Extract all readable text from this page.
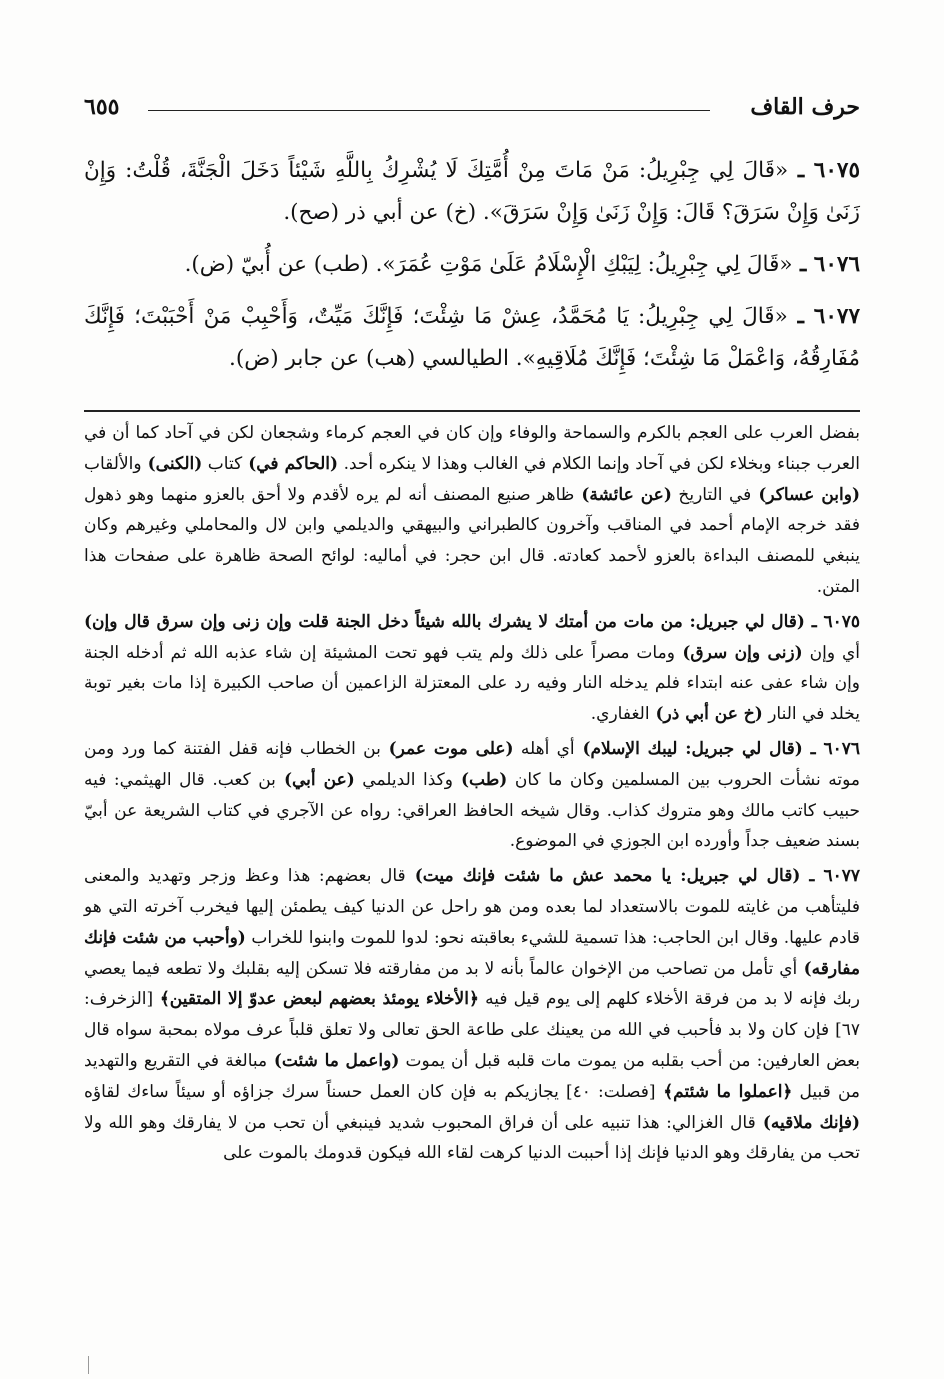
حرف القاف
٦٥٥

٦٠٧٥ ـ «قَالَ لِي جِبْرِيلُ: مَنْ مَاتَ مِنْ أُمَّتِكَ لَا يُشْرِكُ بِاللَّهِ شَيْئاً دَخَلَ الْجَنَّةَ، قُلْتُ: وَإِنْ زَنَىٰ وَإِنْ سَرَقَ؟ قَالَ: وَإِنْ زَنَىٰ وَإِنْ سَرَقَ». (خ) عن أبي ذر (صح).

٦٠٧٦ ـ «قَالَ لِي جِبْرِيلُ: لِيَبْكِ الْإِسْلَامُ عَلَىٰ مَوْتِ عُمَرَ». (طب) عن أُبيّ (ض).

٦٠٧٧ ـ «قَالَ لِي جِبْرِيلُ: يَا مُحَمَّدُ، عِشْ مَا شِئْتَ؛ فَإِنَّكَ مَيِّتٌ، وَأَحْبِبْ مَنْ أَحْبَبْتَ؛ فَإِنَّكَ مُفَارِقُهُ، وَاعْمَلْ مَا شِئْتَ؛ فَإِنَّكَ مُلَاقِيهِ». الطيالسي (هب) عن جابر (ض).

بفضل العرب على العجم بالكرم والسماحة والوفاء وإن كان في العجم كرماء وشجعان لكن في آحاد كما أن في العرب جبناء وبخلاء لكن في آحاد وإنما الكلام في الغالب وهذا لا ينكره أحد. (الحاكم في) كتاب (الكنى) والألقاب (وابن عساكر) في التاريخ (عن عائشة) ظاهر صنيع المصنف أنه لم يره لأقدم ولا أحق بالعزو منهما وهو ذهول فقد خرجه الإمام أحمد في المناقب وآخرون كالطبراني والبيهقي والديلمي وابن لال والمحاملي وغيرهم وكان ينبغي للمصنف البداءة بالعزو لأحمد كعادته. قال ابن حجر: في أماليه: لوائح الصحة ظاهرة على صفحات هذا المتن.

٦٠٧٥ ـ (قال لي جبريل: من مات من أمتك لا يشرك بالله شيئاً دخل الجنة قلت وإن زنى وإن سرق قال وإن) أي وإن (زنى وإن سرق) ومات مصراً على ذلك ولم يتب فهو تحت المشيئة إن شاء عذبه الله ثم أدخله الجنة وإن شاء عفى عنه ابتداء فلم يدخله النار وفيه رد على المعتزلة الزاعمين أن صاحب الكبيرة إذا مات بغير توبة يخلد في النار (خ عن أبي ذر) الغفاري.

٦٠٧٦ ـ (قال لي جبريل: ليبك الإسلام) أي أهله (على موت عمر) بن الخطاب فإنه قفل الفتنة كما ورد ومن موته نشأت الحروب بين المسلمين وكان ما كان (طب) وكذا الديلمي (عن أبي) بن كعب. قال الهيثمي: فيه حبيب كاتب مالك وهو متروك كذاب. وقال شيخه الحافظ العراقي: رواه عن الآجري في كتاب الشريعة عن أبيّ بسند ضعيف جداً وأورده ابن الجوزي في الموضوع.

٦٠٧٧ ـ (قال لي جبريل: يا محمد عش ما شئت فإنك ميت) قال بعضهم: هذا وعظ وزجر وتهديد والمعنى فليتأهب من غايته للموت بالاستعداد لما بعده ومن هو راحل عن الدنيا كيف يطمئن إليها فيخرب آخرته التي هو قادم عليها. وقال ابن الحاجب: هذا تسمية للشيء بعاقبته نحو: لدوا للموت وابنوا للخراب (وأحبب من شئت فإنك مفارقه) أي تأمل من تصاحب من الإخوان عالماً بأنه لا بد من مفارقته فلا تسكن إليه بقلبك ولا تطعه فيما يعصي ربك فإنه لا بد من فرقة الأخلاء كلهم إلى يوم قيل فيه ﴿الأخلاء يومئذ بعضهم لبعض عدوّ إلا المتقين﴾ [الزخرف: ٦٧] فإن كان ولا بد فأحبب في الله من يعينك على طاعة الحق تعالى ولا تعلق قلباً عرف مولاه بمحبة سواه قال بعض العارفين: من أحب بقلبه من يموت مات قلبه قبل أن يموت (واعمل ما شئت) مبالغة في التقريع والتهديد من قبيل ﴿اعملوا ما شئتم﴾ [فصلت: ٤٠] يجازيكم به فإن كان العمل حسناً سرك جزاؤه أو سيئاً ساءك لقاؤه (فإنك ملاقيه) قال الغزالي: هذا تنبيه على أن فراق المحبوب شديد فينبغي أن تحب من لا يفارقك وهو الله ولا تحب من يفارقك وهو الدنيا فإنك إذا أحببت الدنيا كرهت لقاء الله فيكون قدومك بالموت على
